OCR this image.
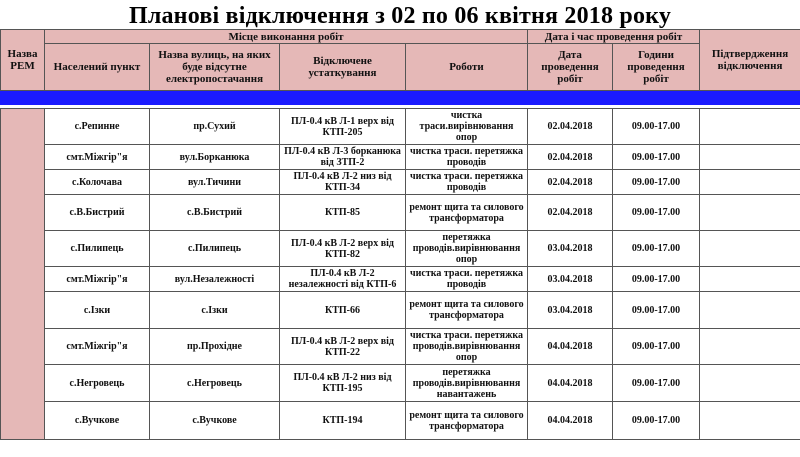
Планові відключення з 02 по 06 квітня 2018 року
Назва РЕМ	Місце виконання робіт				Дата і час проведення робіт		Підтвердження відключення
	Населений пункт	Назва вулиць, на яких буде відсутне електропостачання	Відключене устаткування	Роботи	Дата проведення робіт	Години проведення робіт	

	с.Репинне	пр.Сухий	ПЛ-0.4 кВ Л-1 верх від КТП-205	чистка траси.вирівнювання опор	02.04.2018	09.00-17.00	
	смт.Міжгір"я	вул.Борканюка	ПЛ-0.4 кВ Л-3 борканюка від ЗТП-2	чистка траси. перетяжка проводів	02.04.2018	09.00-17.00	
	с.Колочава	вул.Тичини	ПЛ-0.4 кВ Л-2 низ від КТП-34	чистка траси. перетяжка проводів	02.04.2018	09.00-17.00	
	с.В.Бистрий	с.В.Бистрий	КТП-85	ремонт щита та силового трансформатора	02.04.2018	09.00-17.00	
	с.Пилипець	с.Пилипець	ПЛ-0.4 кВ Л-2 верх від КТП-82	перетяжка проводів.вирівнювання опор	03.04.2018	09.00-17.00	
	смт.Міжгір"я	вул.Незалежності	ПЛ-0.4 кВ Л-2 незалежності від КТП-6	чистка траси. перетяжка проводів	03.04.2018	09.00-17.00	
	с.Ізки	с.Ізки	КТП-66	ремонт щита та силового трансформатора	03.04.2018	09.00-17.00	
	смт.Міжгір"я	пр.Прохідне	ПЛ-0.4 кВ Л-2 верх від КТП-22	чистка траси. перетяжка проводів.вирівнювання опор	04.04.2018	09.00-17.00	
	с.Негровець	с.Негровець	ПЛ-0.4 кВ Л-2 низ від КТП-195	перетяжка проводів.вирівнювання навантажень	04.04.2018	09.00-17.00	
	с.Вучкове	с.Вучкове	КТП-194	ремонт щита та силового трансформатора	04.04.2018	09.00-17.00	
